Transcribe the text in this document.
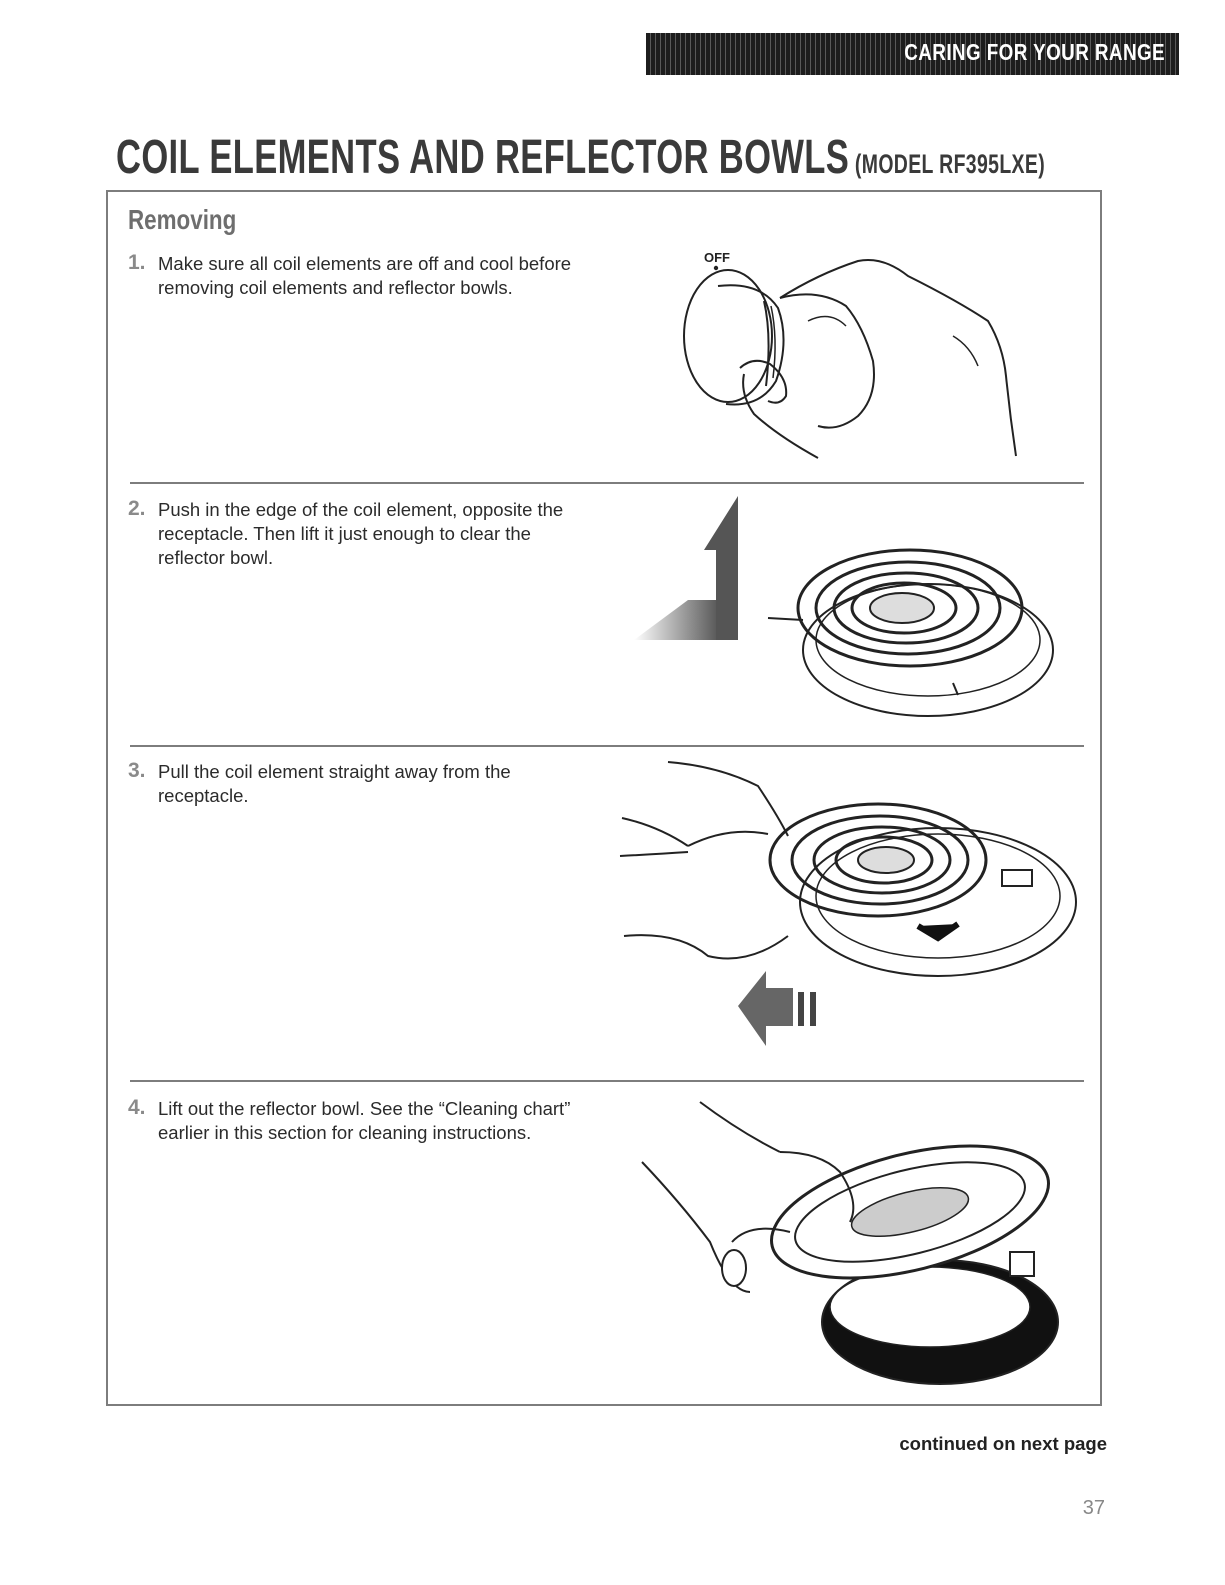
CARING FOR YOUR RANGE
COIL ELEMENTS AND REFLECTOR BOWLS (MODEL RF395LXE)
Removing
1. Make sure all coil elements are off and cool before removing coil elements and reflector bowls.
OFF
2. Push in the edge of the coil element, opposite the receptacle. Then lift it just enough to clear the reflector bowl.
3. Pull the coil element straight away from the receptacle.
4. Lift out the reflector bowl. See the “Cleaning chart” earlier in this section for cleaning instructions.
continued on next page
37
